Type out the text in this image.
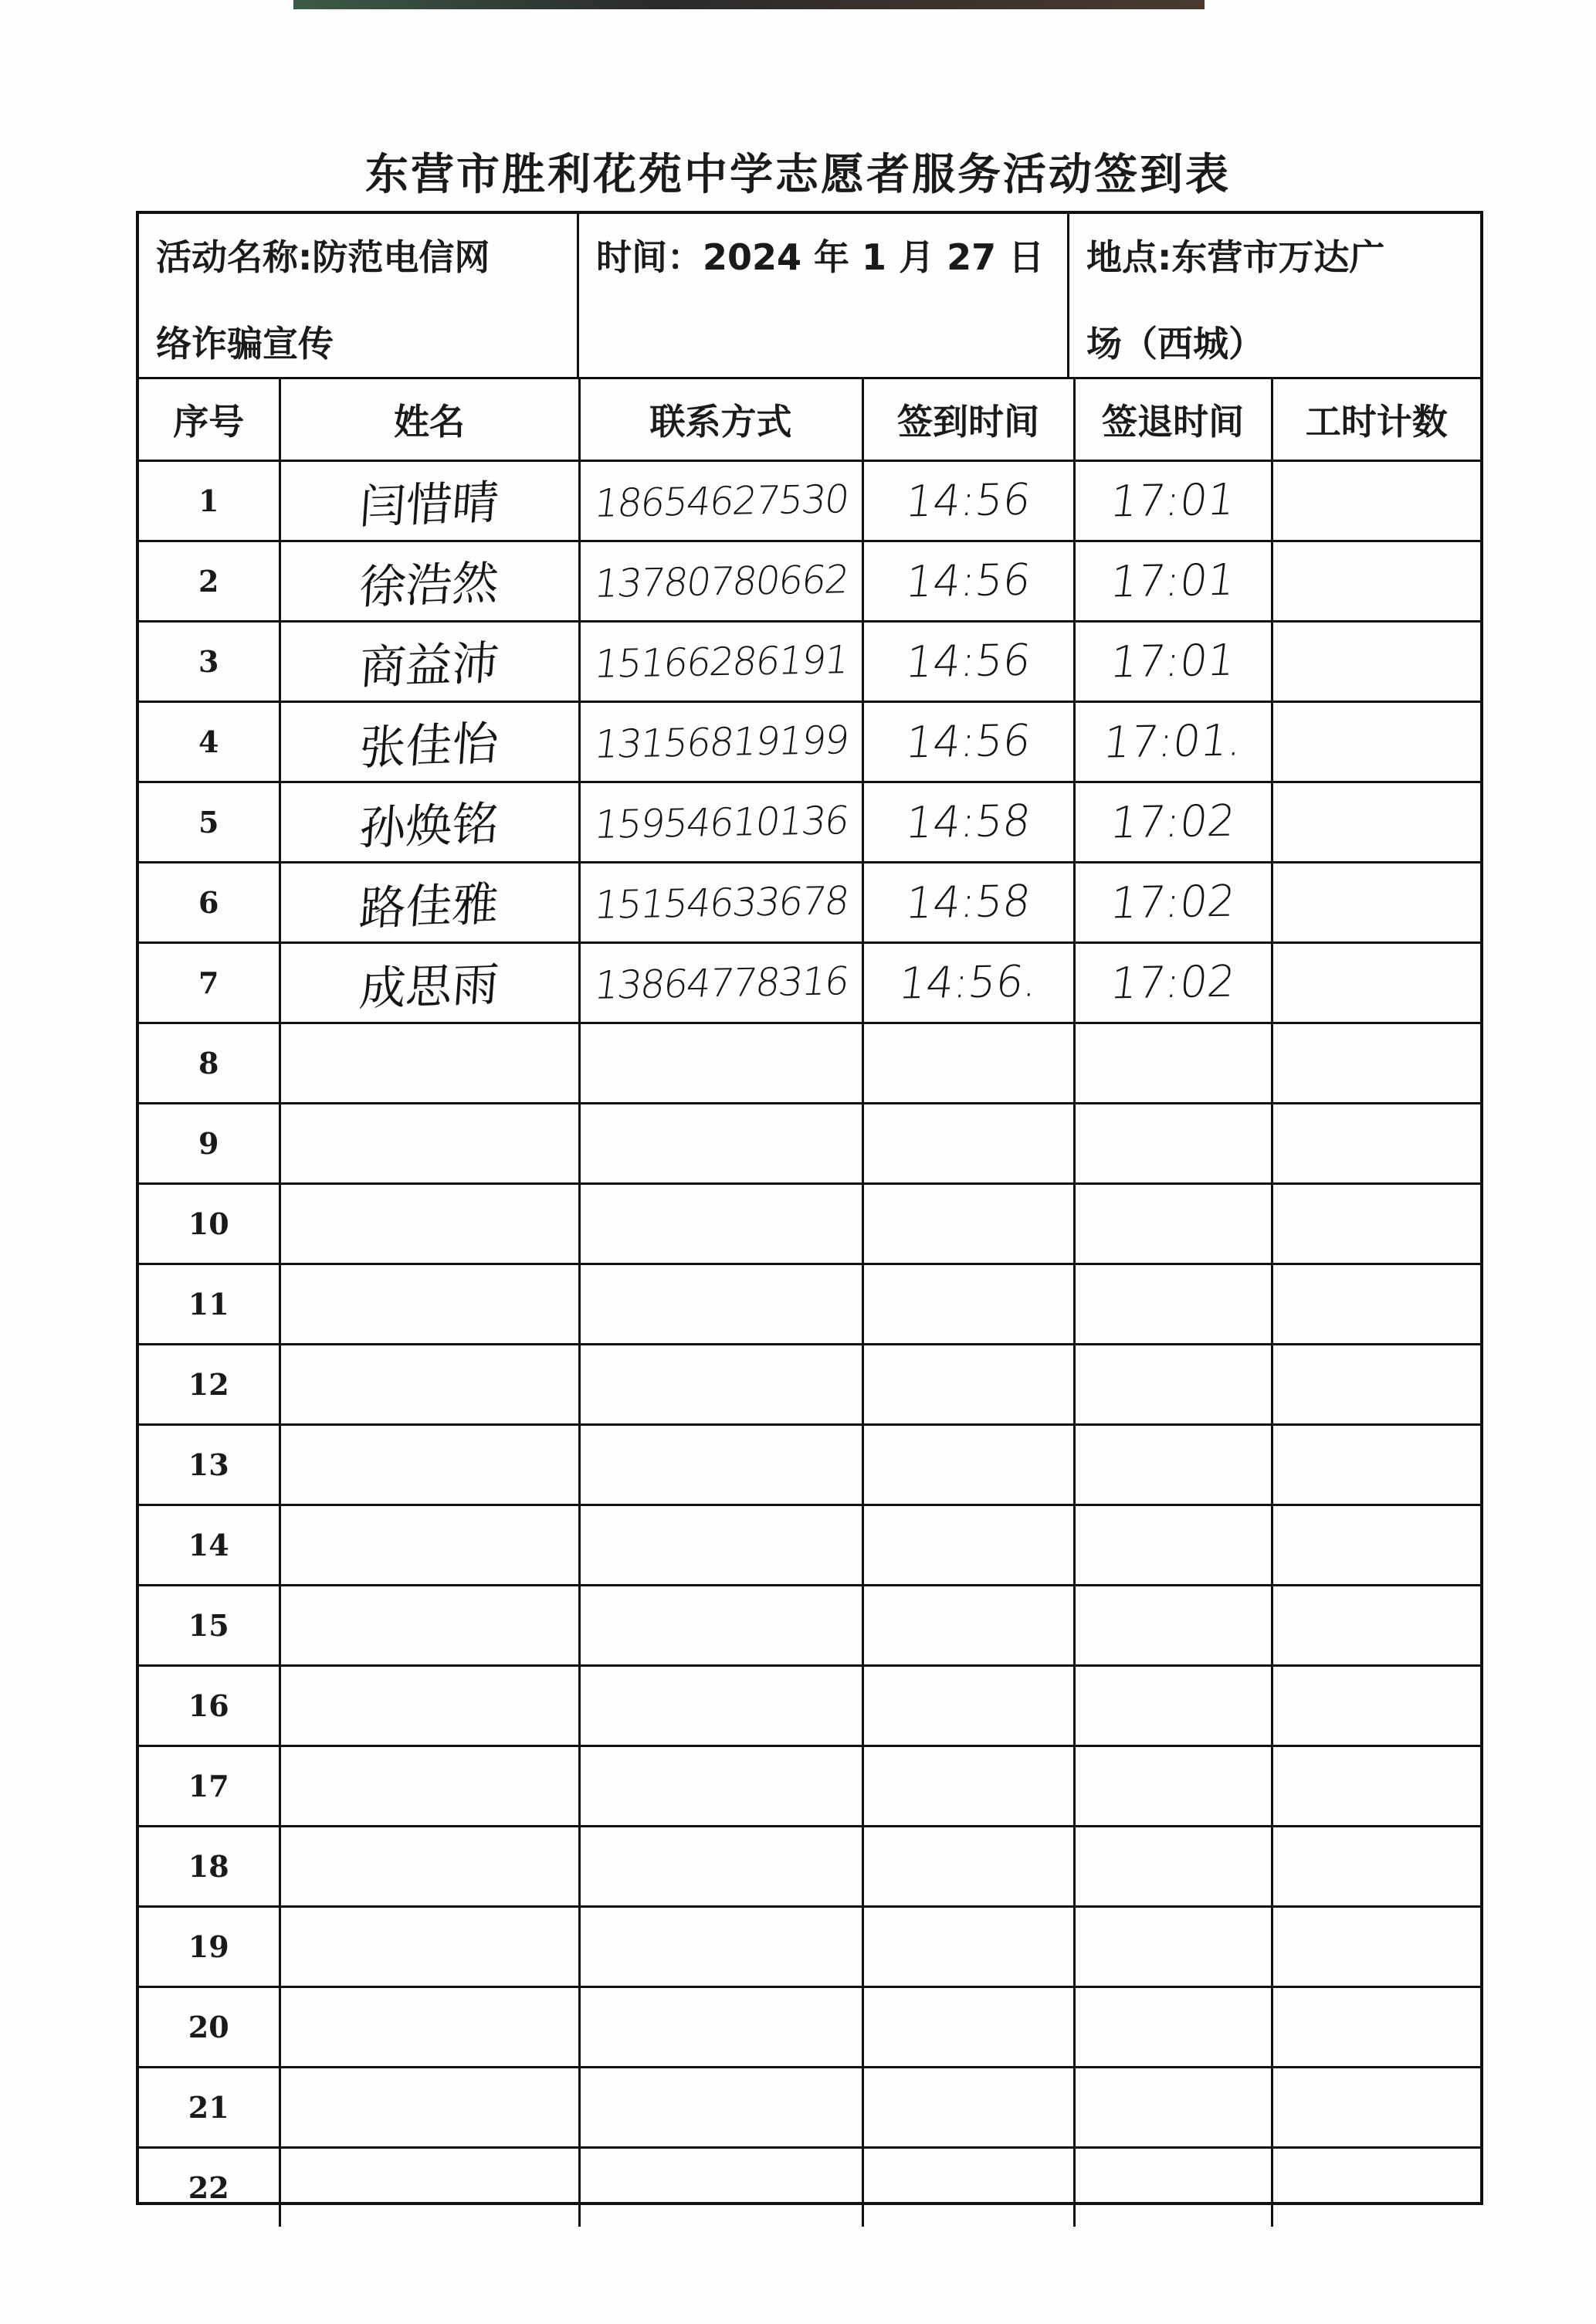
东营市胜利花苑中学志愿者服务活动签到表
活动名称:防范电信网
络诈骗宣传
时间：2024 年 1 月 27 日	地点:东营市万达广
场（西城）
序号	姓名	联系方式	签到时间	签退时间	工时计数
1	闫惜晴	18654627530	14:56	17:01	
2	徐浩然	13780780662	14:56	17:01	
3	商益沛	15166286191	14:56	17:01	
4	张佳怡	13156819199	14:56	17:01.	
5	孙焕铭	15954610136	14:58	17:02	
6	路佳雅	15154633678	14:58	17:02	
7	成思雨	13864778316	14:56.	17:02	
8					
9					
10					
11					
12					
13					
14					
15					
16					
17					
18					
19					
20					
21					
22					
